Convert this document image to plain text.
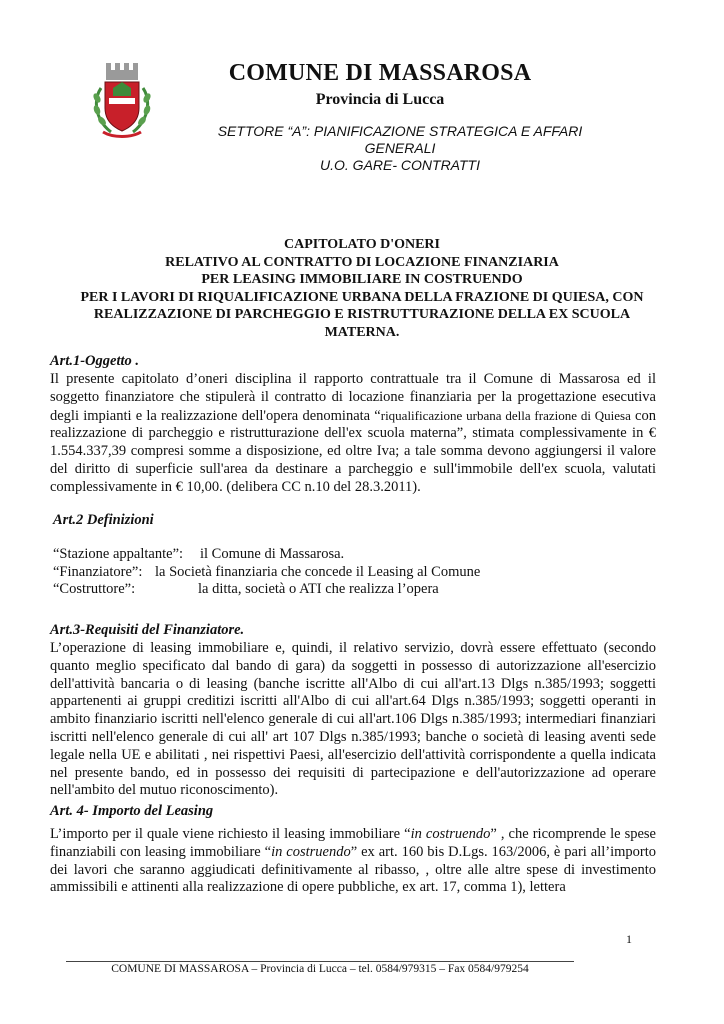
COMUNE DI MASSAROSA
Provincia di Lucca
SETTORE “A”: PIANIFICAZIONE STRATEGICA E AFFARI
GENERALI
U.O. GARE- CONTRATTI
CAPITOLATO D'ONERI
RELATIVO AL CONTRATTO DI LOCAZIONE FINANZIARIA
PER LEASING IMMOBILIARE IN COSTRUENDO
PER I LAVORI DI RIQUALIFICAZIONE URBANA DELLA FRAZIONE DI QUIESA, CON
REALIZZAZIONE DI PARCHEGGIO E RISTRUTTURAZIONE DELLA EX SCUOLA
MATERNA.
Art.1-Oggetto .
Il presente capitolato d’oneri disciplina il rapporto contrattuale tra il Comune di Massarosa ed il soggetto finanziatore che stipulerà il contratto di locazione finanziaria per la progettazione esecutiva degli impianti e la realizzazione dell'opera denominata “riqualificazione urbana della frazione di Quiesa con realizzazione di parcheggio e ristrutturazione dell'ex scuola materna”, stimata complessivamente in € 1.554.337,39 compresi somme a disposizione, ed oltre Iva; a tale somma devono aggiungersi il valore del diritto di superficie sull'area da destinare a parcheggio e sull'immobile dell'ex scuola, valutati complessivamente in € 10,00. (delibera CC n.10 del 28.3.2011).
Art.2 Definizioni
“Stazione appaltante”: il Comune di Massarosa.
“Finanziatore”: la Società finanziaria che concede il Leasing al Comune
“Costruttore”:	la ditta, società o ATI che realizza l’opera
Art.3-Requisiti del Finanziatore.
L’operazione di leasing immobiliare e, quindi, il relativo servizio, dovrà essere effettuato (secondo quanto meglio specificato dal bando di gara) da soggetti in possesso di autorizzazione all'esercizio dell'attività bancaria o di leasing (banche iscritte all'Albo di cui all'art.13 Dlgs n.385/1993; soggetti appartenenti ai gruppi creditizi iscritti all'Albo di cui all'art.64 Dlgs n.385/1993; soggetti operanti in ambito finanziario iscritti nell'elenco generale di cui all'art.106 Dlgs n.385/1993; intermediari finanziari iscritti nell'elenco generale di cui all' art 107 Dlgs n.385/1993; banche o società di leasing aventi sede legale nella UE e abilitati , nei rispettivi Paesi, all'esercizio dell'attività corrispondente a quella indicata nel presente bando, ed in possesso dei requisiti di partecipazione e dell'autorizzazione ad operare nell'ambito del mutuo riconoscimento).
Art. 4- Importo del Leasing
L’importo per il quale viene richiesto il leasing immobiliare “in costruendo” , che ricomprende le spese finanziabili con leasing immobiliare “in costruendo” ex art. 160 bis D.Lgs. 163/2006, è pari all’importo dei lavori che saranno aggiudicati definitivamente al ribasso, , oltre alle altre spese di investimento ammissibili e attinenti alla realizzazione di opere pubbliche, ex art. 17, comma 1), lettera
1
COMUNE DI MASSAROSA – Provincia di Lucca – tel. 0584/979315 – Fax 0584/979254
